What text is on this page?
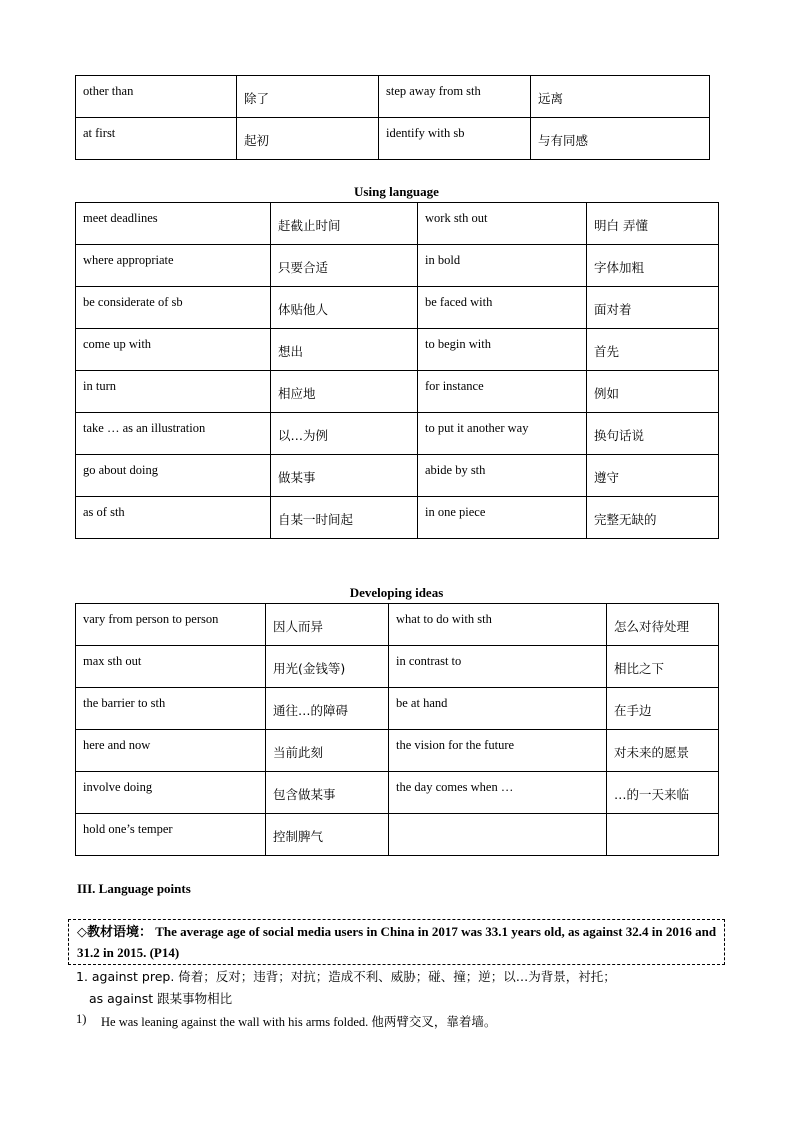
other than	除了	step away from sth	远离

at first	起初	identify with sb	与有同感
Using language
meet deadlines	赶截止时间	work sth out	明白 弄懂

where appropriate	只要合适	in bold	字体加粗

be considerate of sb	体贴他人	be faced with	面对着

come up with	想出	to begin with	首先

in turn	相应地	for instance	例如

take … as an illustration	以…为例	to put it another way	换句话说

go about doing	做某事	abide by sth	遵守

as of sth	自某一时间起	in one piece	完整无缺的
Developing ideas
vary from person to person	因人而异	what to do with sth	怎么对待处理

max sth out	用光(金钱等)	in contrast to	相比之下

the barrier to sth	通往…的障碍	be at hand	在手边

here and now	当前此刻	the vision for the future	对未来的愿景

involve doing	包含做某事	the day comes when …	…的一天来临

hold one’s temper	控制脾气		

III. Language points
◇教材语境： The average age of social media users in China in 2017 was 33.1 years old, as against 32.4 in 2016 and 31.2 in 2015. (P14)
1. against prep. 倚着；反对；违背；对抗；造成不利、威胁；碰、撞；逆；以…为背景，衬托；
as against 跟某事物相比
1) He was leaning against the wall with his arms folded. 他两臂交叉，靠着墙。
